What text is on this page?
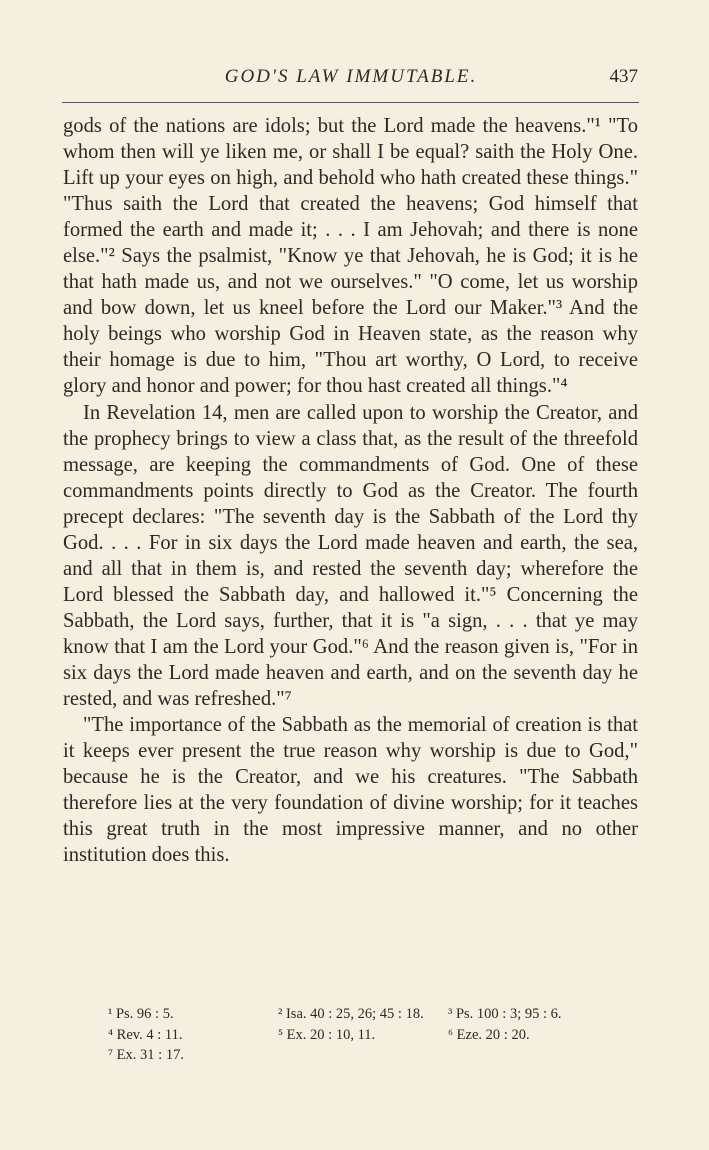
GOD'S LAW IMMUTABLE.	437

gods of the nations are idols; but the Lord made the heavens."¹ "To whom then will ye liken me, or shall I be equal? saith the Holy One. Lift up your eyes on high, and behold who hath created these things." "Thus saith the Lord that created the heavens; God himself that formed the earth and made it; . . . I am Jehovah; and there is none else."² Says the psalmist, "Know ye that Jehovah, he is God; it is he that hath made us, and not we ourselves." "O come, let us worship and bow down, let us kneel before the Lord our Maker."³ And the holy beings who worship God in Heaven state, as the reason why their homage is due to him, "Thou art worthy, O Lord, to receive glory and honor and power; for thou hast created all things."⁴

In Revelation 14, men are called upon to worship the Creator, and the prophecy brings to view a class that, as the result of the threefold message, are keeping the commandments of God. One of these commandments points directly to God as the Creator. The fourth precept declares: "The seventh day is the Sabbath of the Lord thy God. . . . For in six days the Lord made heaven and earth, the sea, and all that in them is, and rested the seventh day; wherefore the Lord blessed the Sabbath day, and hallowed it."⁵ Concerning the Sabbath, the Lord says, further, that it is "a sign, . . . that ye may know that I am the Lord your God."⁶ And the reason given is, "For in six days the Lord made heaven and earth, and on the seventh day he rested, and was refreshed."⁷

"The importance of the Sabbath as the memorial of creation is that it keeps ever present the true reason why worship is due to God," because he is the Creator, and we his creatures. "The Sabbath therefore lies at the very foundation of divine worship; for it teaches this great truth in the most impressive manner, and no other institution does this.

¹ Ps. 96 : 5.	² Isa. 40 : 25, 26; 45 : 18.	³ Ps. 100 : 3; 95 : 6.
⁴ Rev. 4 : 11.	⁵ Ex. 20 : 10, 11.	⁶ Eze. 20 : 20.
⁷ Ex. 31 : 17.
